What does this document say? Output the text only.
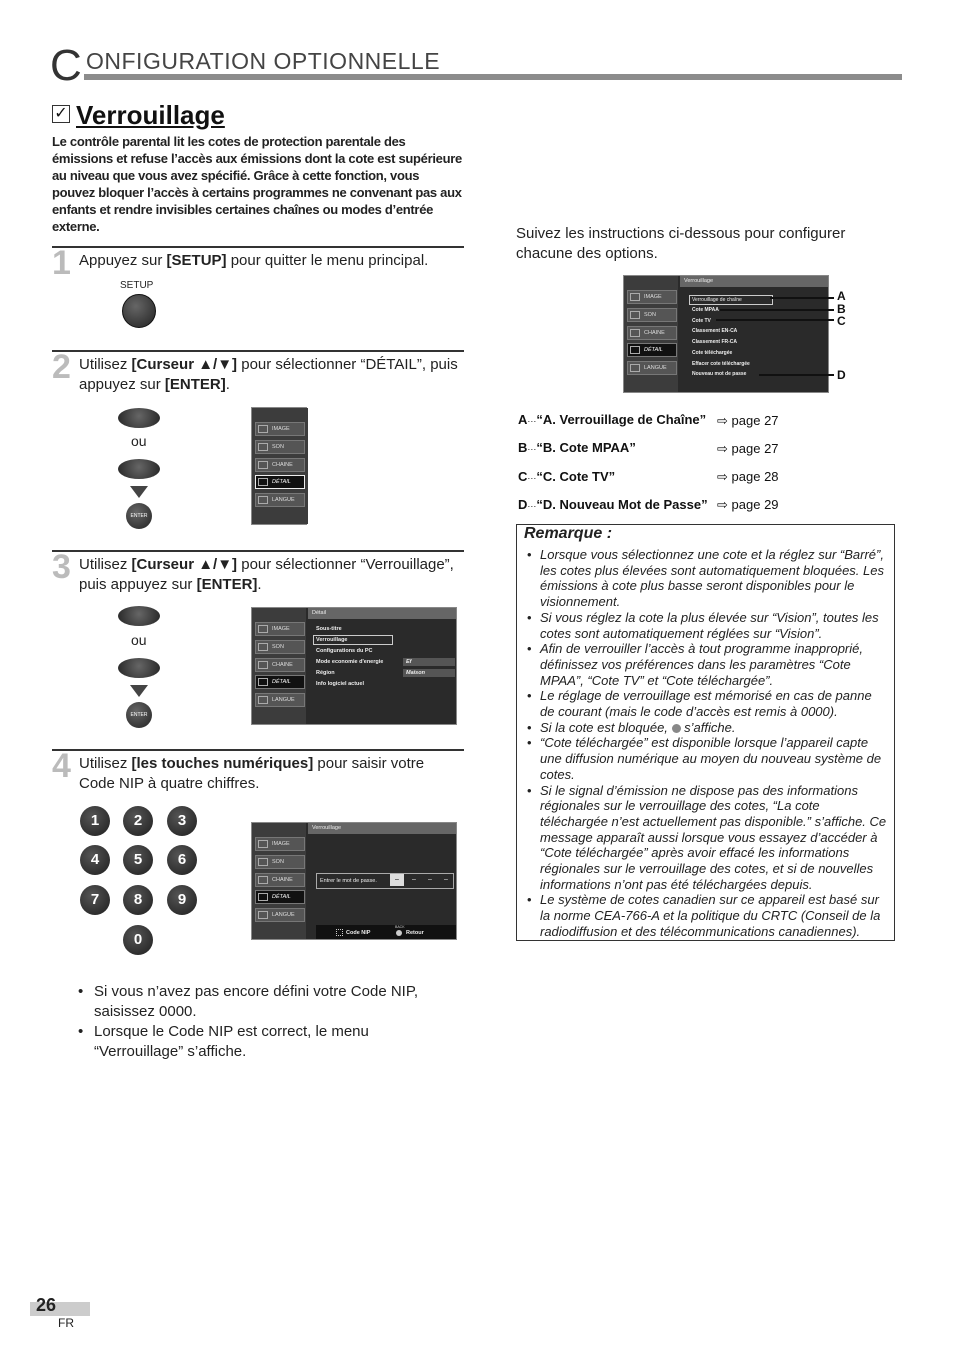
C ONFIGURATION OPTIONNELLE
✓ Verrouillage
Le contrôle parental lit les cotes de protection parentale des émissions et refuse l’accès aux émissions dont la cote est supérieure au niveau que vous avez spécifié. Grâce à cette fonction, vous pouvez bloquer l’accès à certains programmes ne convenant pas aux enfants et rendre invisibles certaines chaînes ou modes d’entrée externe.
1 Appuyez sur [SETUP] pour quitter le menu principal.
SETUP
2 Utilisez [Curseur ▲/▼] pour sélectionner “DÉTAIL”, puis appuyez sur [ENTER].
ou
ENTER
IMAGE
SON
CHAINE
DÉTAIL
LANGUE
3 Utilisez [Curseur ▲/▼] pour sélectionner “Verrouillage”, puis appuyez sur [ENTER].
ou
ENTER
Détail
IMAGE
SON
CHAINE
DÉTAIL
LANGUE
Sous-titre
Verrouillage
Configurations du PC
Mode economie d'energie
Région
Info logiciel actuel
Ef
Maison
4 Utilisez [les touches numériques] pour saisir votre Code NIP à quatre chiffres.
1	2	3
4	5	6
7	8	9
0
Verrouillage
IMAGE
SON
CHAINE
DÉTAIL
LANGUE
Entrer le mot de passe.	–	–	–	–
Code NIP
BACK
Retour
• Si vous n’avez pas encore défini votre Code NIP, saisissez 0000.
• Lorsque le Code NIP est correct, le menu “Verrouillage” s’affiche.
Suivez les instructions ci-dessous pour configurer chacune des options.
Verrouillage
IMAGE
SON
CHAINE
DÉTAIL
LANGUE
Verrouillage de chaîne
Cote MPAA
Cote TV
Classement EN-CA
Classement FR-CA
Cote téléchargée
Effacer cote téléchargée
Nouveau mot de passe
A
B
C
D
A···“A. Verrouillage de Chaîne” ⇨ page 27
B···“B. Cote MPAA”	⇨ page 27
C···“C. Cote TV”	⇨ page 28
D···“D. Nouveau Mot de Passe” ⇨ page 29
Remarque :
• Lorsque vous sélectionnez une cote et la réglez sur “Barré”, les cotes plus élevées sont automatiquement bloquées. Les émissions à cote plus basse seront disponibles pour le visionnement.
• Si vous réglez la cote la plus élevée sur “Vision”, toutes les cotes sont automatiquement réglées sur “Vision”.
• Afin de verrouiller l’accès à tout programme inapproprié, définissez vos préférences dans les paramètres “Cote MPAA”, “Cote TV” et “Cote téléchargée”.
• Le réglage de verrouillage est mémorisé en cas de panne de courant (mais le code d’accès est remis à 0000).
• Si la cote est bloquée, s’affiche.
• “Cote téléchargée” est disponible lorsque l’appareil capte une diffusion numérique au moyen du nouveau système de cotes.
• Si le signal d’émission ne dispose pas des informations régionales sur le verrouillage des cotes, “La cote téléchargée n’est actuellement pas disponible.” s’affiche. Ce message apparaît aussi lorsque vous essayez d’accéder à “Cote téléchargée” après avoir effacé les informations régionales sur le verrouillage des cotes, et si de nouvelles informations n’ont pas été téléchargées depuis.
• Le système de cotes canadien sur ce appareil est basé sur la norme CEA-766-A et la politique du CRTC (Conseil de la radiodiffusion et des télécommunications canadiennes).
26
FR
